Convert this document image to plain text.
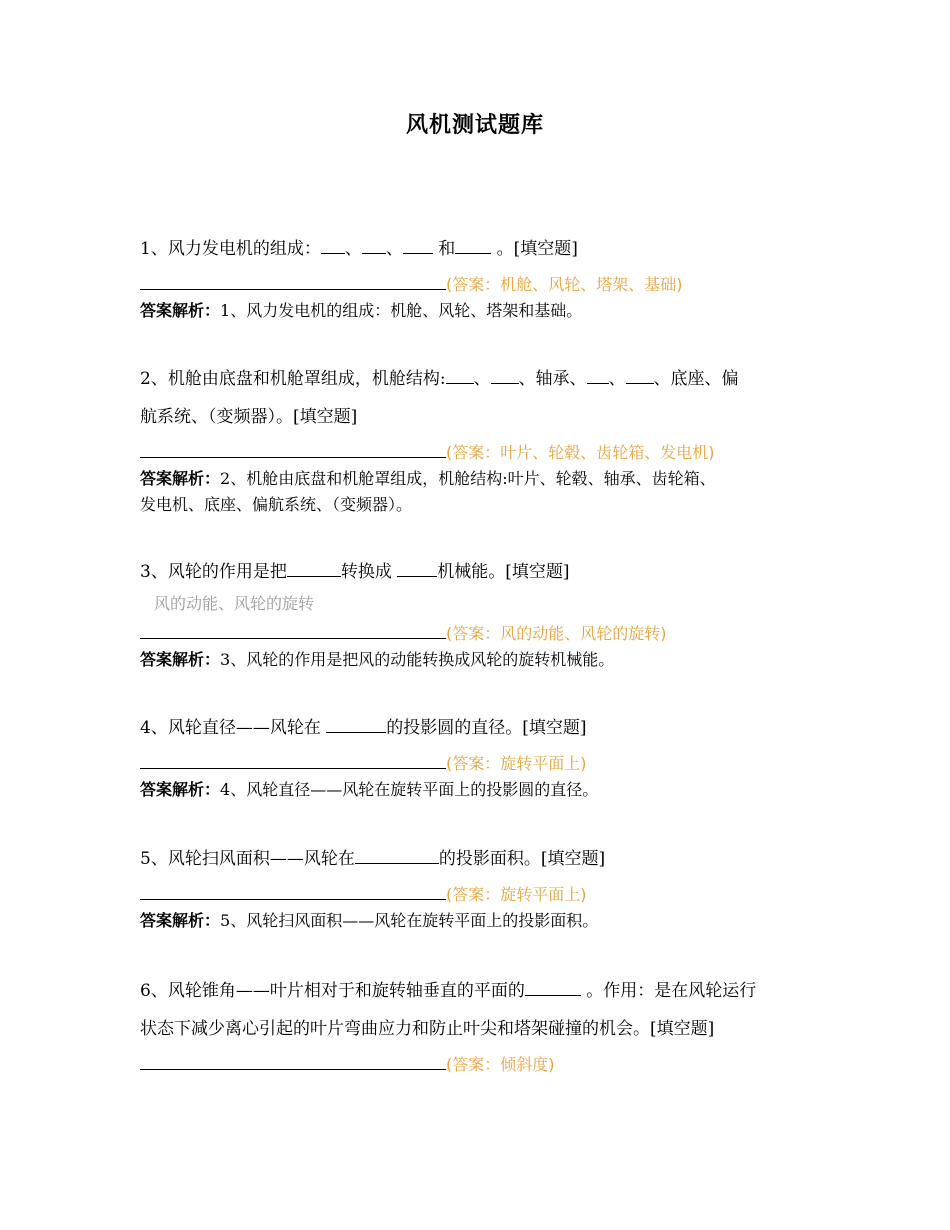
风机测试题库
1、风力发电机的组成： 、 、 和 。[填空题]
(答案：机舱、风轮、塔架、基础)
答案解析：1、风力发电机的组成：机舱、风轮、塔架和基础。
2、机舱由底盘和机舱罩组成，机舱结构: 、 、轴承、 、 、底座、偏
航系统、（变频器）。[填空题]
(答案：叶片、轮毂、齿轮箱、发电机)
答案解析：2、机舱由底盘和机舱罩组成，机舱结构:叶片、轮毂、轴承、齿轮箱、
发电机、底座、偏航系统、（变频器）。
3、风轮的作用是把	转换成 机械能。[填空题]
风的动能、风轮的旋转
(答案：风的动能、风轮的旋转)
答案解析：3、风轮的作用是把风的动能转换成风轮的旋转机械能。
4、风轮直径——风轮在	的投影圆的直径。[填空题]
(答案：旋转平面上)
答案解析：4、风轮直径——风轮在旋转平面上的投影圆的直径。
5、风轮扫风面积——风轮在	的投影面积。[填空题]
(答案：旋转平面上)
答案解析：5、风轮扫风面积——风轮在旋转平面上的投影面积。
6、风轮锥角——叶片相对于和旋转轴垂直的平面的	。作用：是在风轮运行
状态下减少离心引起的叶片弯曲应力和防止叶尖和塔架碰撞的机会。[填空题]
(答案：倾斜度)
